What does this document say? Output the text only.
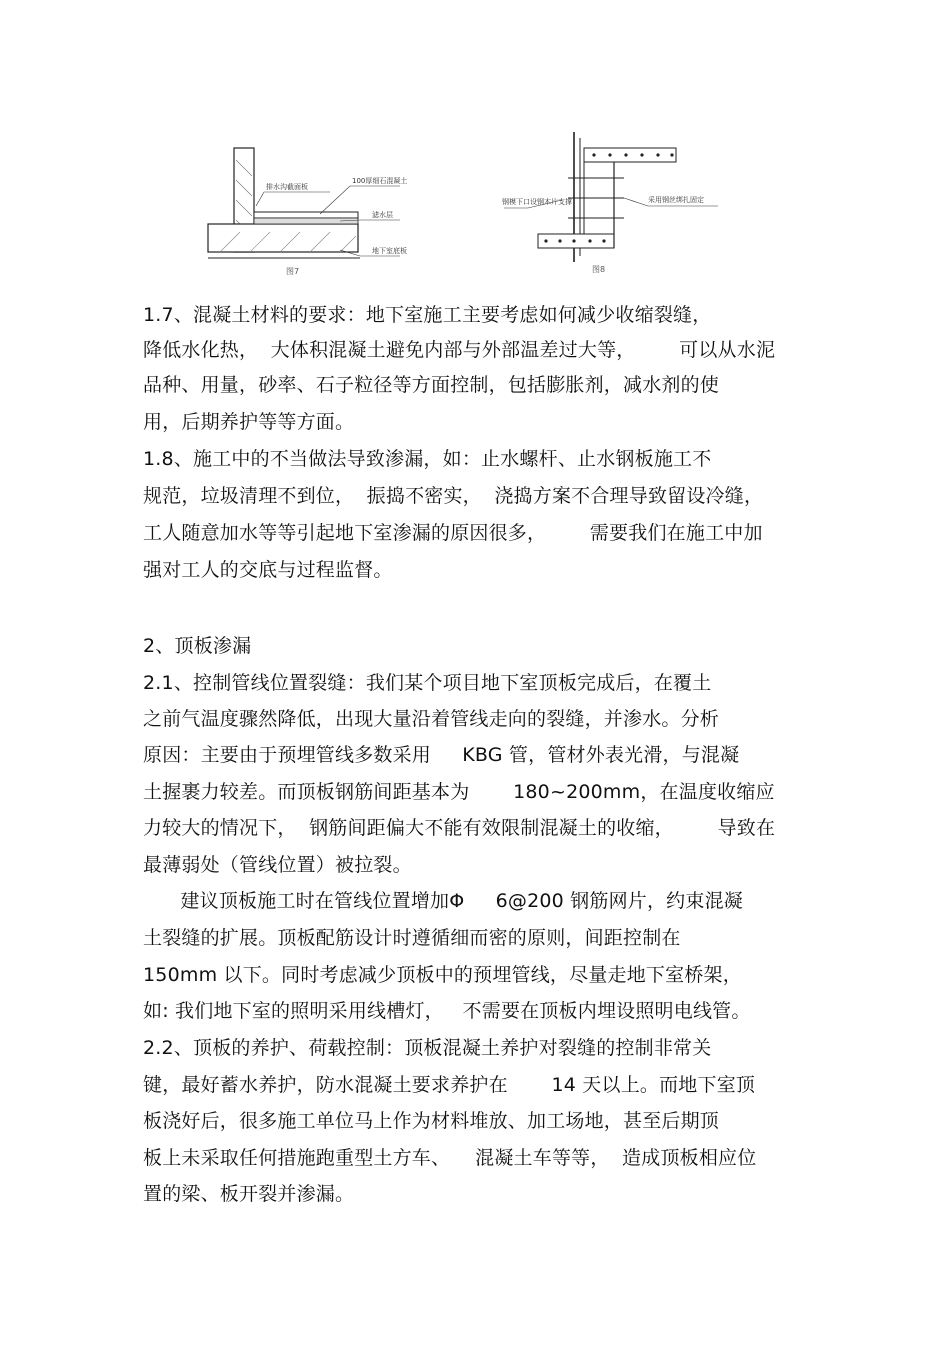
排水沟截面板
100厚细石混凝土
滤水层
地下室底板
图7
钢模下口设钢木片支撑	采用钢丝绑扎固定
图8
1.7、混凝土材料的要求：地下室施工主要考虑如何减少收缩裂缝，
降低水化热，  大体积混凝土避免内部与外部温差过大等，       可以从水泥
品种、用量，砂率、石子粒径等方面控制，包括膨胀剂，减水剂的使
用，后期养护等等方面。
1.8、施工中的不当做法导致渗漏，如：止水螺杆、止水钢板施工不
规范，垃圾清理不到位，  振捣不密实，  浇捣方案不合理导致留设冷缝，
工人随意加水等等引起地下室渗漏的原因很多，       需要我们在施工中加
强对工人的交底与过程监督。
2、顶板渗漏
2.1、控制管线位置裂缝：我们某个项目地下室顶板完成后，在覆土
之前气温度骤然降低，出现大量沿着管线走向的裂缝，并渗水。分析
原因：主要由于预埋管线多数采用     KBG 管，管材外表光滑，与混凝
土握裹力较差。而顶板钢筋间距基本为       180~200mm，在温度收缩应
力较大的情况下，  钢筋间距偏大不能有效限制混凝土的收缩，       导致在
最薄弱处（管线位置）被拉裂。
建议顶板施工时在管线位置增加Φ     6@200 钢筋网片，约束混凝
土裂缝的扩展。顶板配筋设计时遵循细而密的原则，间距控制在
150mm 以下。同时考虑减少顶板中的预埋管线，尽量走地下室桥架，
如: 我们地下室的照明采用线槽灯，   不需要在顶板内埋设照明电线管。
2.2、顶板的养护、荷载控制：顶板混凝土养护对裂缝的控制非常关
键，最好蓄水养护，防水混凝土要求养护在       14 天以上。而地下室顶
板浇好后，很多施工单位马上作为材料堆放、加工场地，甚至后期顶
板上未采取任何措施跑重型土方车、    混凝土车等等，  造成顶板相应位
置的梁、板开裂并渗漏。
